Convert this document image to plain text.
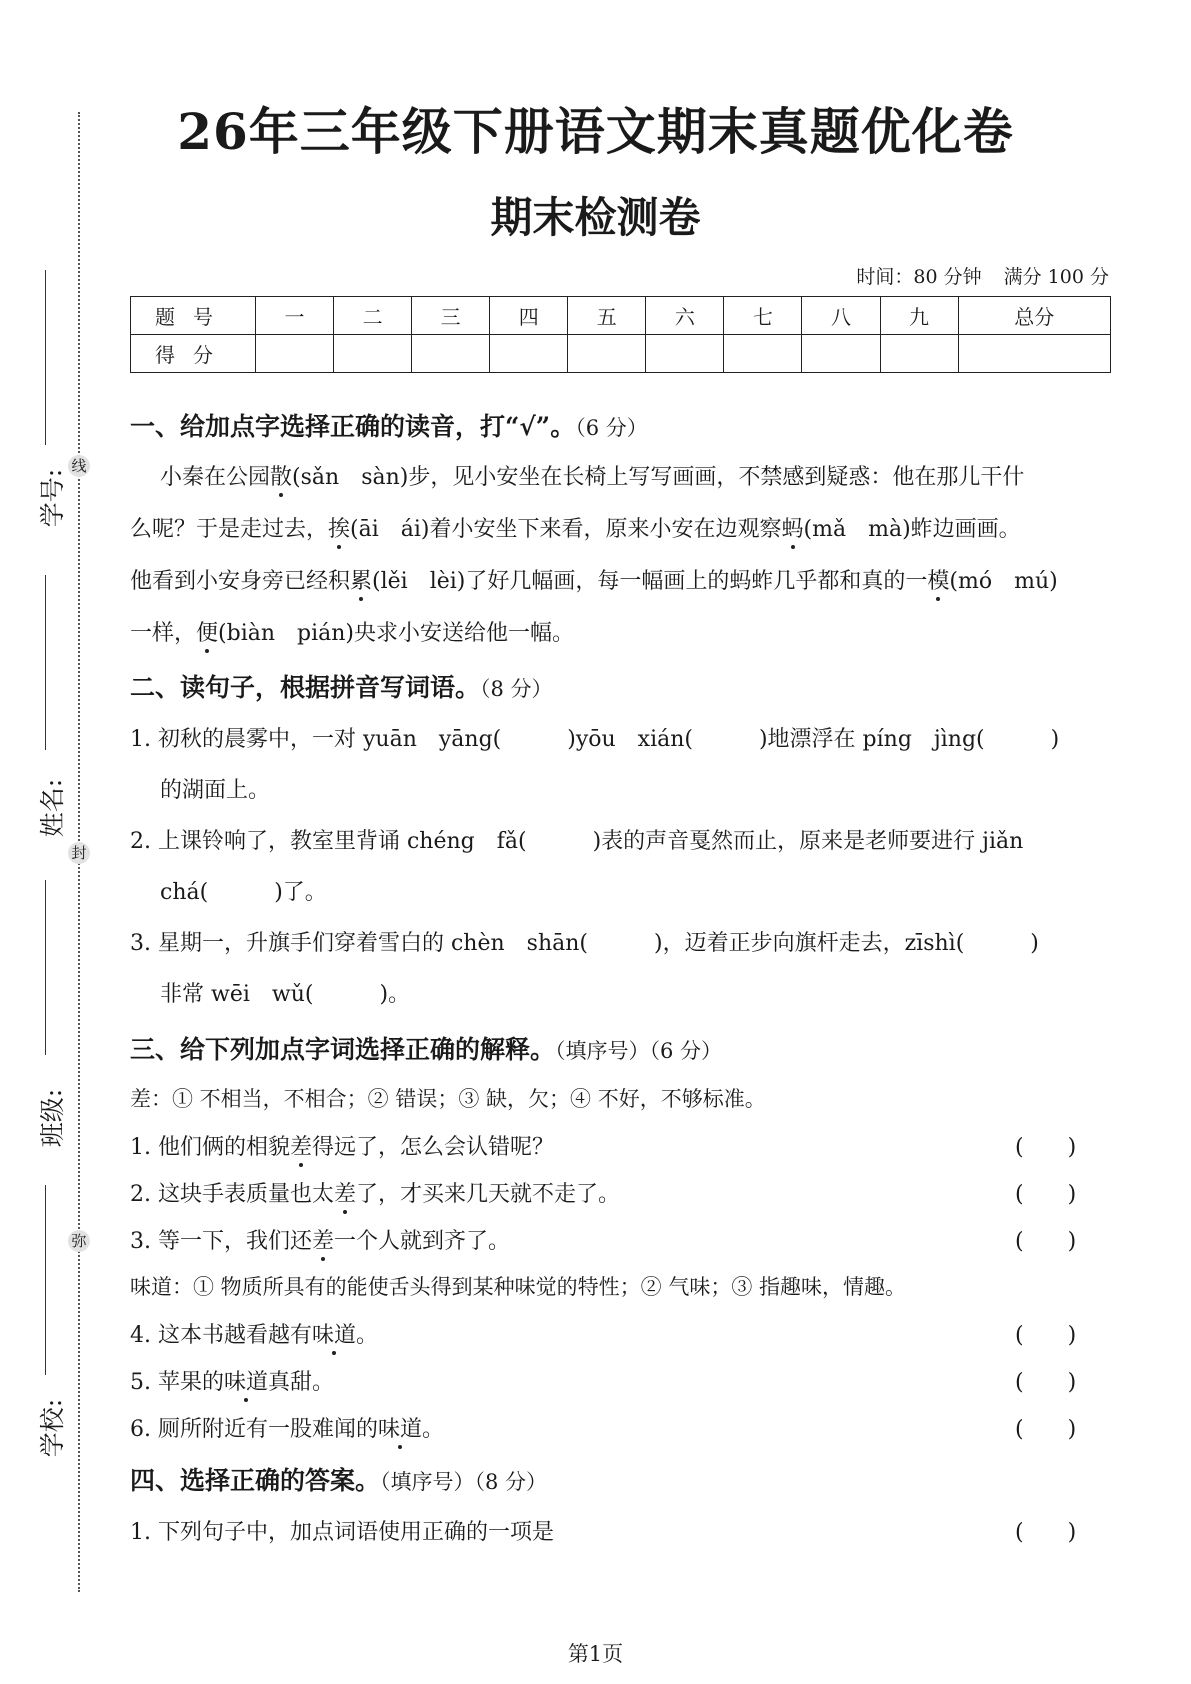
线
封
弥
学号:
姓名:
班级:
学校:
26年三年级下册语文期末真题优化卷
期末检测卷
时间：80 分钟 满分 100 分
题号	一	二	三	四	五	六	七	八	九	总分
得分										
一、给加点字选择正确的读音，打“√”。（6 分）
小秦在公园散(sǎn　sàn)步，见小安坐在长椅上写写画画，不禁感到疑惑：他在那儿干什
么呢？于是走过去，挨(āi　ái)着小安坐下来看，原来小安在边观察蚂(mǎ　mà)蚱边画画。
他看到小安身旁已经积累(lěi　lèi)了好几幅画，每一幅画上的蚂蚱几乎都和真的一模(mó　mú)
一样，便(biàn　pián)央求小安送给他一幅。
二、读句子，根据拼音写词语。（8 分）
1. 初秋的晨雾中，一对 yuān　yāng(　　　)yōu　xián(　　　)地漂浮在 píng　jìng(　　　)
的湖面上。
2. 上课铃响了，教室里背诵 chéng　fǎ(　　　)表的声音戛然而止，原来是老师要进行 jiǎn
chá(　　　)了。
3. 星期一，升旗手们穿着雪白的 chèn　shān(　　　)，迈着正步向旗杆走去，zīshì(　　　)
非常 wēi　wǔ(　　　)。
三、给下列加点字词选择正确的解释。（填序号）（6 分）
差：① 不相当，不相合；② 错误；③ 缺，欠；④ 不好，不够标准。
1. 他们俩的相貌差得远了，怎么会认错呢？	(　　)
2. 这块手表质量也太差了，才买来几天就不走了。	(　　)
3. 等一下，我们还差一个人就到齐了。	(　　)
味道：① 物质所具有的能使舌头得到某种味觉的特性；② 气味；③ 指趣味，情趣。
4. 这本书越看越有味道。	(　　)
5. 苹果的味道真甜。	(　　)
6. 厕所附近有一股难闻的味道。	(　　)
四、选择正确的答案。（填序号）（8 分）
1. 下列句子中，加点词语使用正确的一项是	(　　)
第1页
